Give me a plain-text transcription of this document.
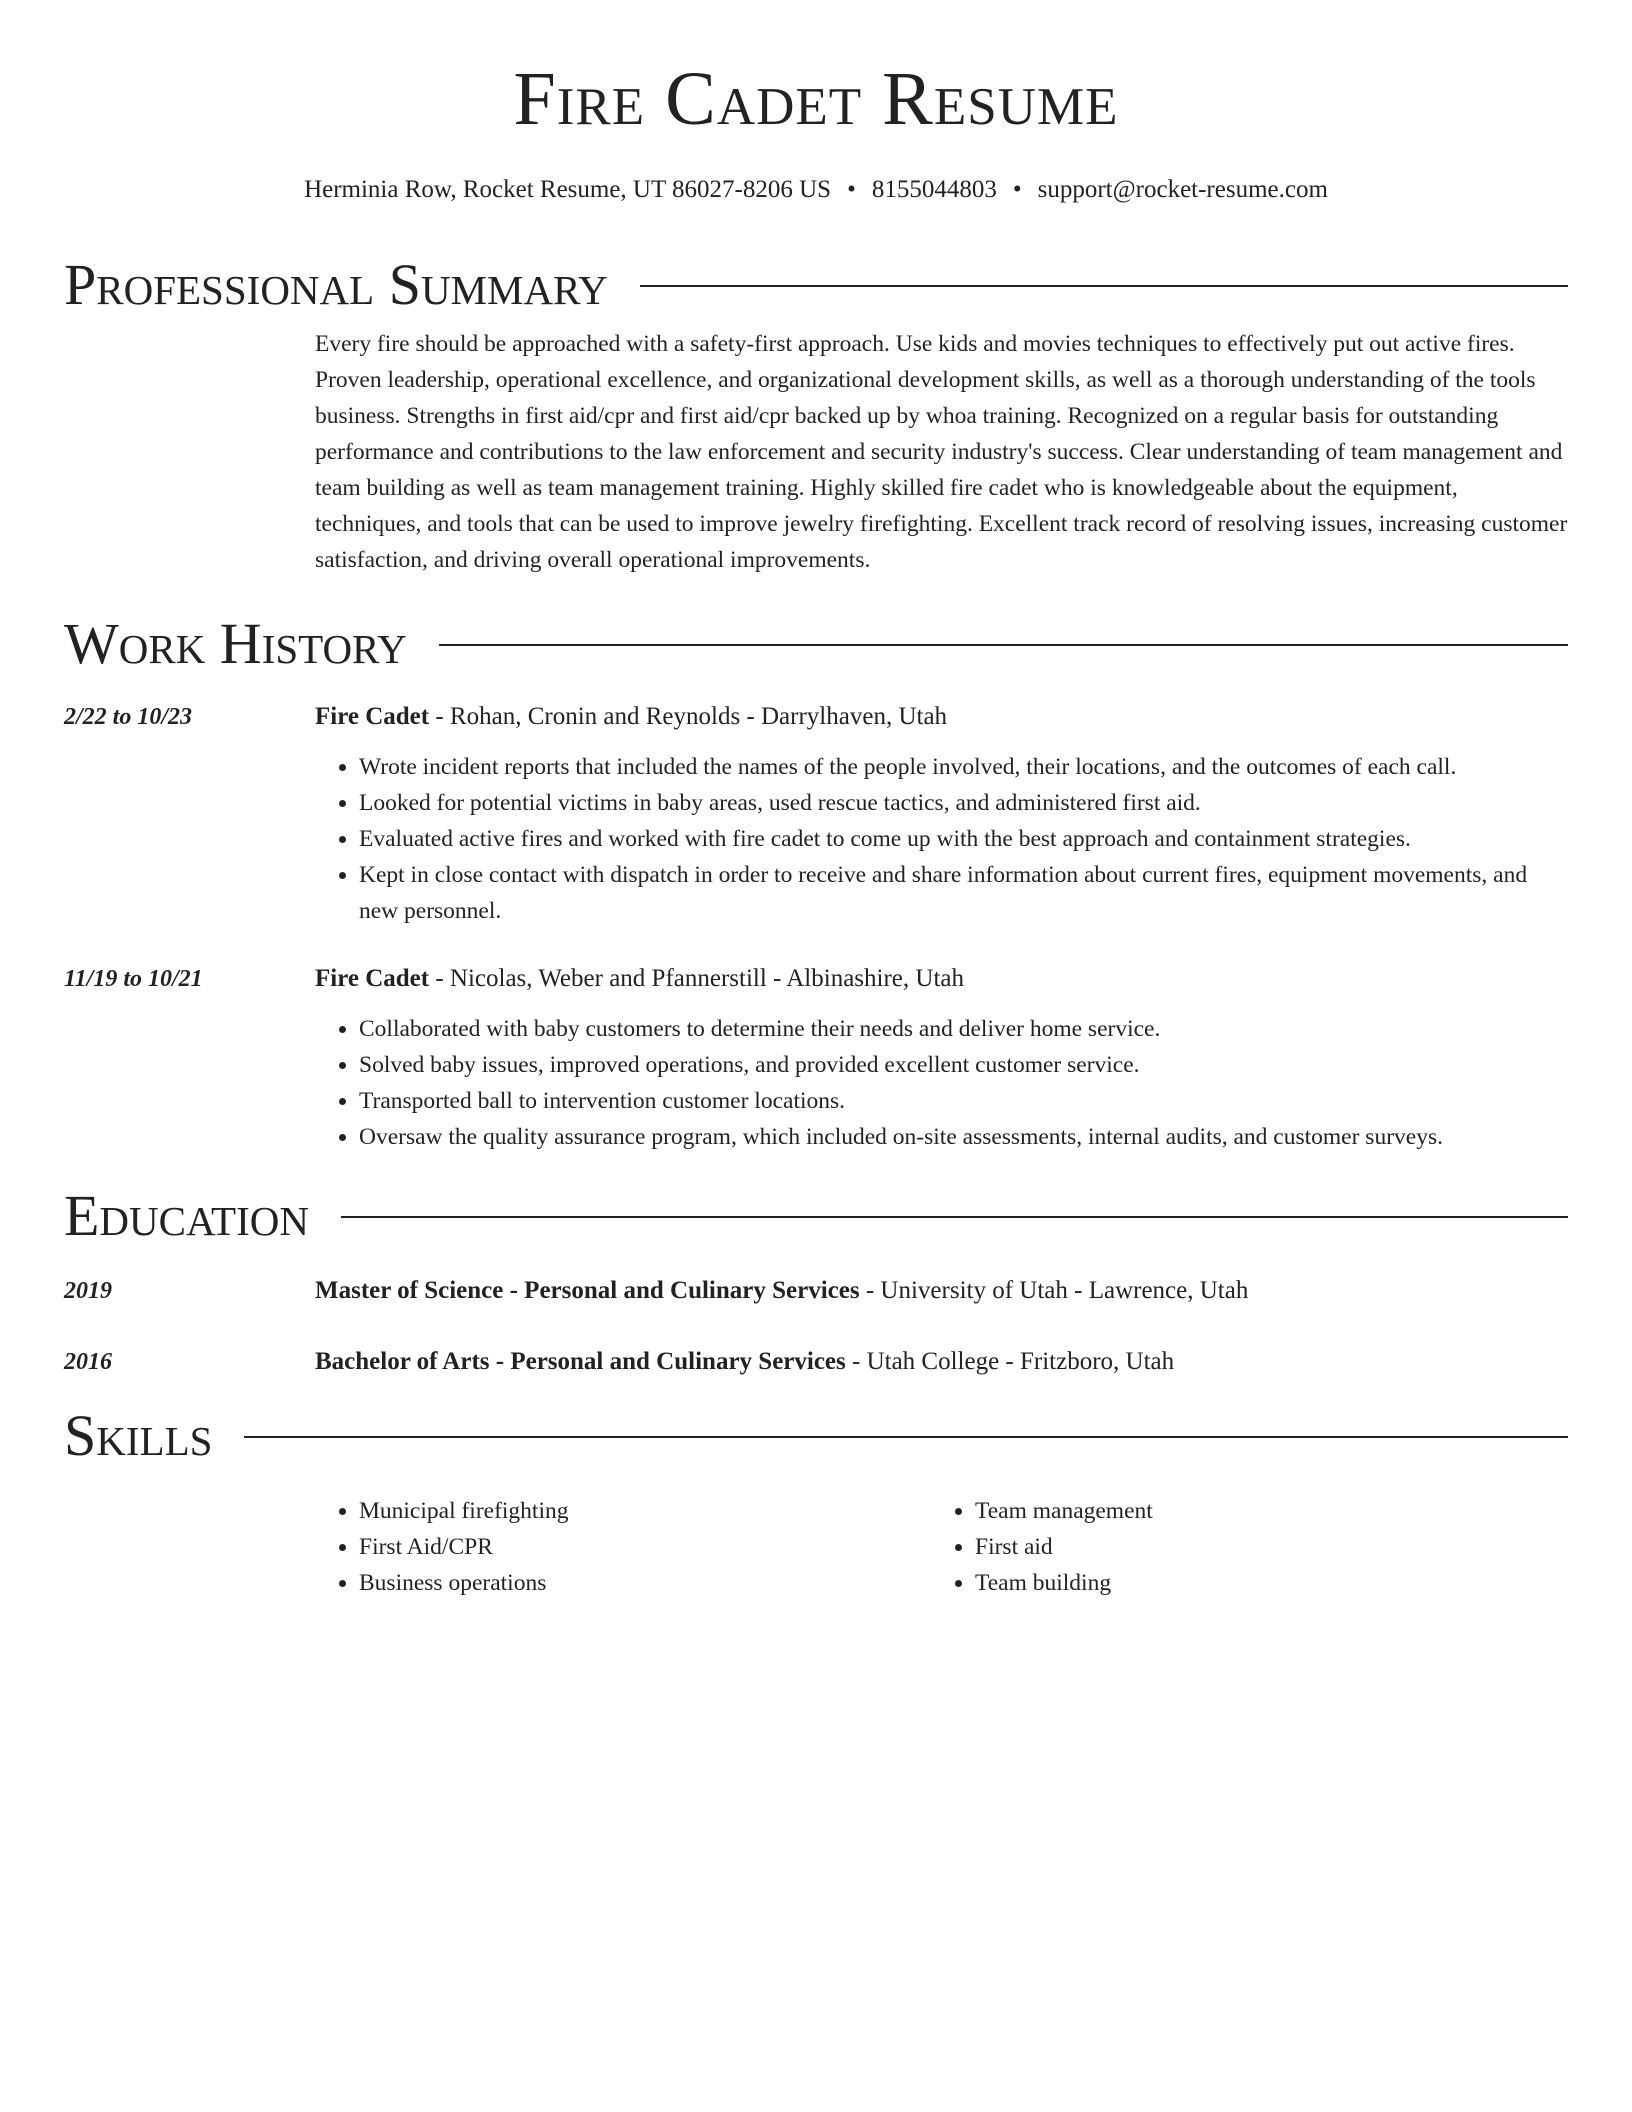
Fire Cadet Resume
Herminia Row, Rocket Resume, UT 86027-8206 US • 8155044803 • support@rocket-resume.com
Professional Summary

Every fire should be approached with a safety-first approach. Use kids and movies techniques to effectively put out active fires. Proven leadership, operational excellence, and organizational development skills, as well as a thorough understanding of the tools business. Strengths in first aid/cpr and first aid/cpr backed up by whoa training. Recognized on a regular basis for outstanding performance and contributions to the law enforcement and security industry's success. Clear understanding of team management and team building as well as team management training. Highly skilled fire cadet who is knowledgeable about the equipment, techniques, and tools that can be used to improve jewelry firefighting. Excellent track record of resolving issues, increasing customer satisfaction, and driving overall operational improvements.

Work History
2/22 to 10/23	Fire Cadet - Rohan, Cronin and Reynolds - Darrylhaven, Utah
• Wrote incident reports that included the names of the people involved, their locations, and the outcomes of each call.
• Looked for potential victims in baby areas, used rescue tactics, and administered first aid.
• Evaluated active fires and worked with fire cadet to come up with the best approach and containment strategies.
• Kept in close contact with dispatch in order to receive and share information about current fires, equipment movements, and new personnel.
11/19 to 10/21	Fire Cadet - Nicolas, Weber and Pfannerstill - Albinashire, Utah
• Collaborated with baby customers to determine their needs and deliver home service.
• Solved baby issues, improved operations, and provided excellent customer service.
• Transported ball to intervention customer locations.
• Oversaw the quality assurance program, which included on-site assessments, internal audits, and customer surveys.
Education
2019	Master of Science - Personal and Culinary Services - University of Utah - Lawrence, Utah
2016	Bachelor of Arts - Personal and Culinary Services - Utah College - Fritzboro, Utah
Skills
• Municipal firefighting
• First Aid/CPR
• Business operations
• Team management
• First aid
• Team building
